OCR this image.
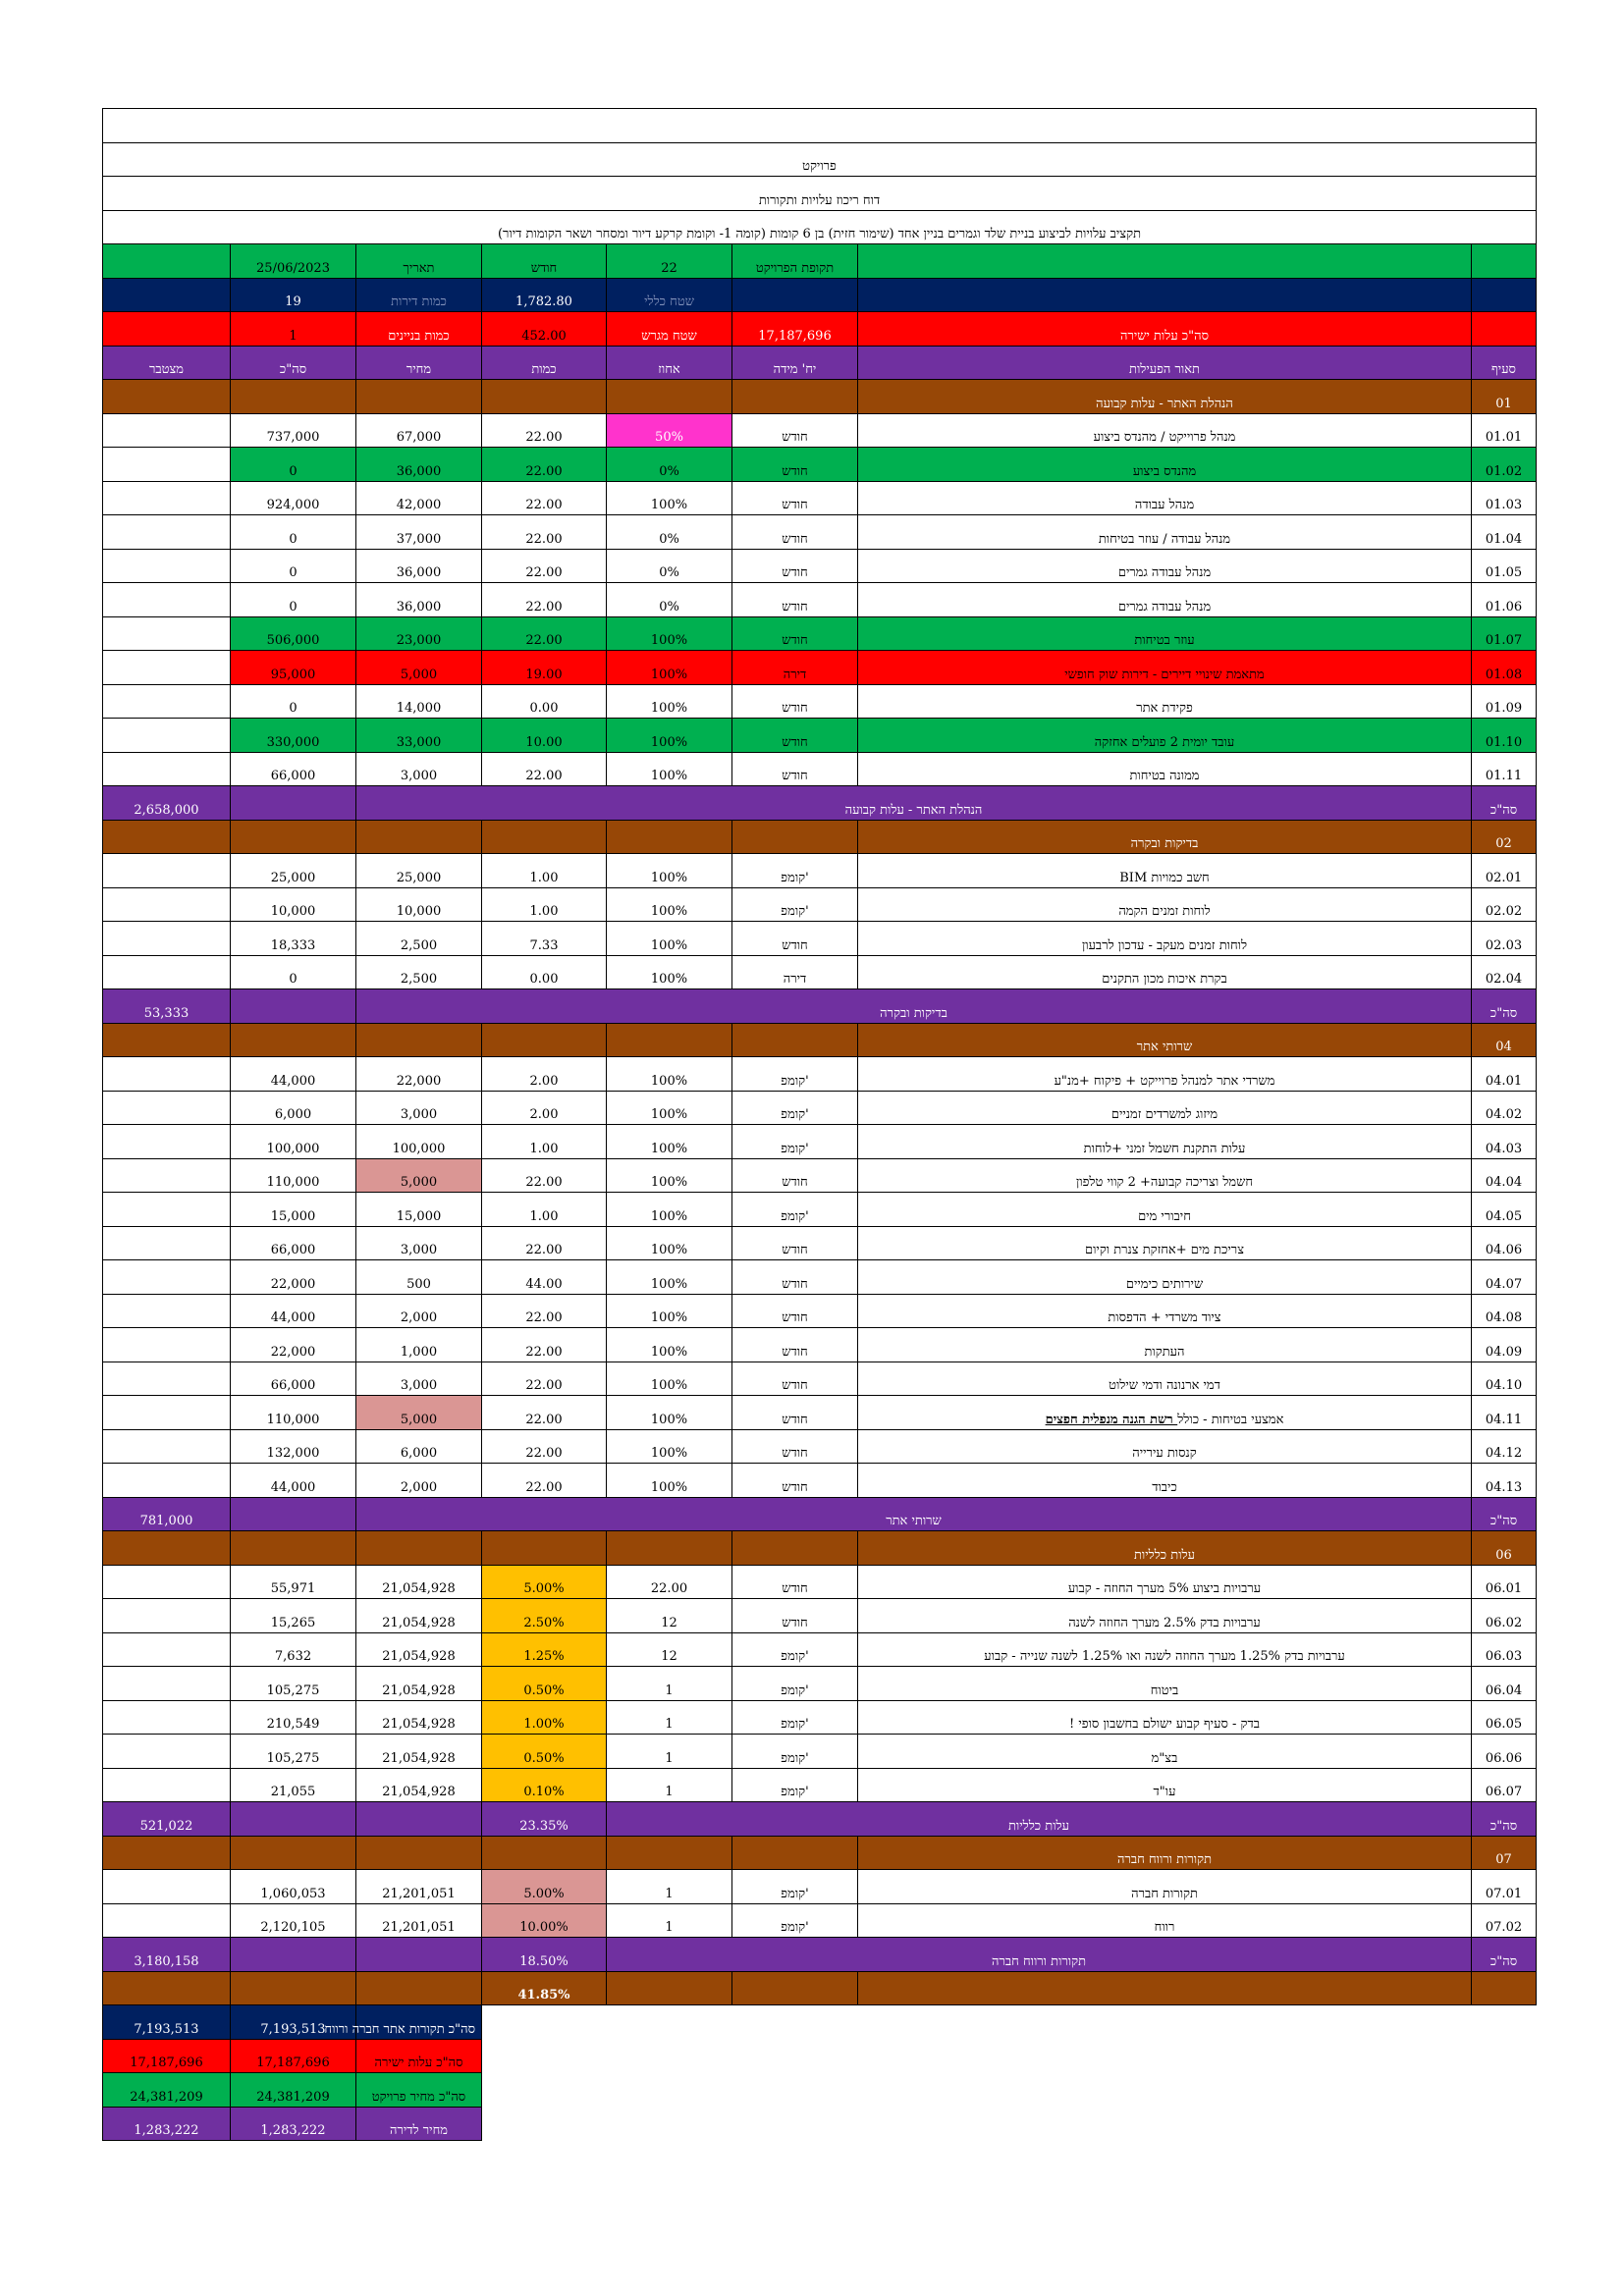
פרויקט							
דוח ריכוז עלויות ותקורות							
תקציב עלויות לביצוע בניית שלד וגמרים בניין אחד (שימור חזית) בן 6 קומות (קומה 1- וקומת קרקע דיור ומסחר ושאר הקומות דיור)							
	25/06/2023	תאריך	חודש	22	תקופת הפרויקט		
	19	כמות דירות	1,782.80	שטח כללי			
	1	כמות בניינים	452.00	שטח מגרש	17,187,696	סה"כ עלות ישירה	
מצטבר	סה"כ	מחיר	כמות	אחוז	יח' מידה	תאור הפעילות	סעיף
						הנהלת האתר - עלות קבועה	01
	737,000	67,000	22.00	50%	חודש	מנהל פרוייקט / מהנדס ביצוע	01.01
	0	36,000	22.00	0%	חודש	מהנדס ביצוע	01.02
	924,000	42,000	22.00	100%	חודש	מנהל עבודה	01.03
	0	37,000	22.00	0%	חודש	מנהל עבודה / עוזר בטיחות	01.04
	0	36,000	22.00	0%	חודש	מנהל עבודה גמרים	01.05
	0	36,000	22.00	0%	חודש	מנהל עבודה גמרים	01.06
	506,000	23,000	22.00	100%	חודש	עוזר בטיחות	01.07
	95,000	5,000	19.00	100%	דירה	מתאמת שינויי דיירים - דירות שוק חופשי	01.08
	0	14,000	0.00	100%	חודש	פקידת אתר	01.09
	330,000	33,000	10.00	100%	חודש	עובד יומית 2 פועלים אחזקה	01.10
	66,000	3,000	22.00	100%	חודש	ממונה בטיחות	01.11
2,658,000		הנהלת האתר - עלות קבועה					סה"כ
						בדיקות ובקרה	02
	25,000	25,000	1.00	100%	קומפ'	חשב כמויות BIM	02.01
	10,000	10,000	1.00	100%	קומפ'	לוחות זמנים הקמה	02.02
	18,333	2,500	7.33	100%	חודש	לוחות זמנים מעקב - עדכון לרבעון	02.03
	0	2,500	0.00	100%	דירה	בקרת איכות מכון התקנים	02.04
53,333		בדיקות ובקרה					סה"כ
						שרותי אתר	04
	44,000	22,000	2.00	100%	קומפ'	משרדי אתר למנהל פרוייקט + פיקוח +מנ"ע	04.01
	6,000	3,000	2.00	100%	קומפ'	מיזוג למשרדים זמניים	04.02
	100,000	100,000	1.00	100%	קומפ'	עלות התקנת חשמל זמני +לוחות	04.03
	110,000	5,000	22.00	100%	חודש	חשמל וצריכה קבועה+ 2 קווי טלפון	04.04
	15,000	15,000	1.00	100%	קומפ'	חיבורי מים	04.05
	66,000	3,000	22.00	100%	חודש	צריכת מים +אחזקת צנרת וקיום	04.06
	22,000	500	44.00	100%	חודש	שירותים כימיים	04.07
	44,000	2,000	22.00	100%	חודש	ציוד משרדי + הדפסות	04.08
	22,000	1,000	22.00	100%	חודש	העתקות	04.09
	66,000	3,000	22.00	100%	חודש	דמי ארנונה ודמי שילוט	04.10
	110,000	5,000	22.00	100%	חודש	אמצעי בטיחות - כולל רשת הגנה מנפלית חפצים	04.11
	132,000	6,000	22.00	100%	חודש	קנסות עירייה	04.12
	44,000	2,000	22.00	100%	חודש	כיבוד	04.13
781,000		שרותי אתר					סה"כ
						עלות כלליות	06
	55,971	21,054,928	5.00%	22.00	חודש	ערבויות ביצוע 5% מערך החוזה - קבוע	06.01
	15,265	21,054,928	2.50%	12	חודש	ערבויות בדק 2.5% מערך החוזה לשנה	06.02
	7,632	21,054,928	1.25%	12	קומפ'	ערבויות בדק 1.25% מערך החוזה לשנה ואו 1.25% לשנה שנייה - קבוע	06.03
	105,275	21,054,928	0.50%	1	קומפ'	ביטוח	06.04
	210,549	21,054,928	1.00%	1	קומפ'	בדק - סעיף קבוע ישולם בחשבון סופי !	06.05
	105,275	21,054,928	0.50%	1	קומפ'	בצ"מ	06.06
	21,055	21,054,928	0.10%	1	קומפ'	עו"ד	06.07
521,022			23.35%	עלות כלליות			סה"כ
						תקורות ורווח חברה	07
	1,060,053	21,201,051	5.00%	1	קומפ'	תקורות חברה	07.01
	2,120,105	21,201,051	10.00%	1	קומפ'	רווח	07.02
3,180,158			18.50%	תקורות ורווח חברה			סה"כ
			41.85%				
7,193,513	7,193,513	סה"כ תקורות אתר חברה ורווח					
17,187,696	17,187,696	סה"כ עלות ישירה					
24,381,209	24,381,209	סה"כ מחיר פרויקט					
1,283,222	1,283,222	מחיר לדירה					
